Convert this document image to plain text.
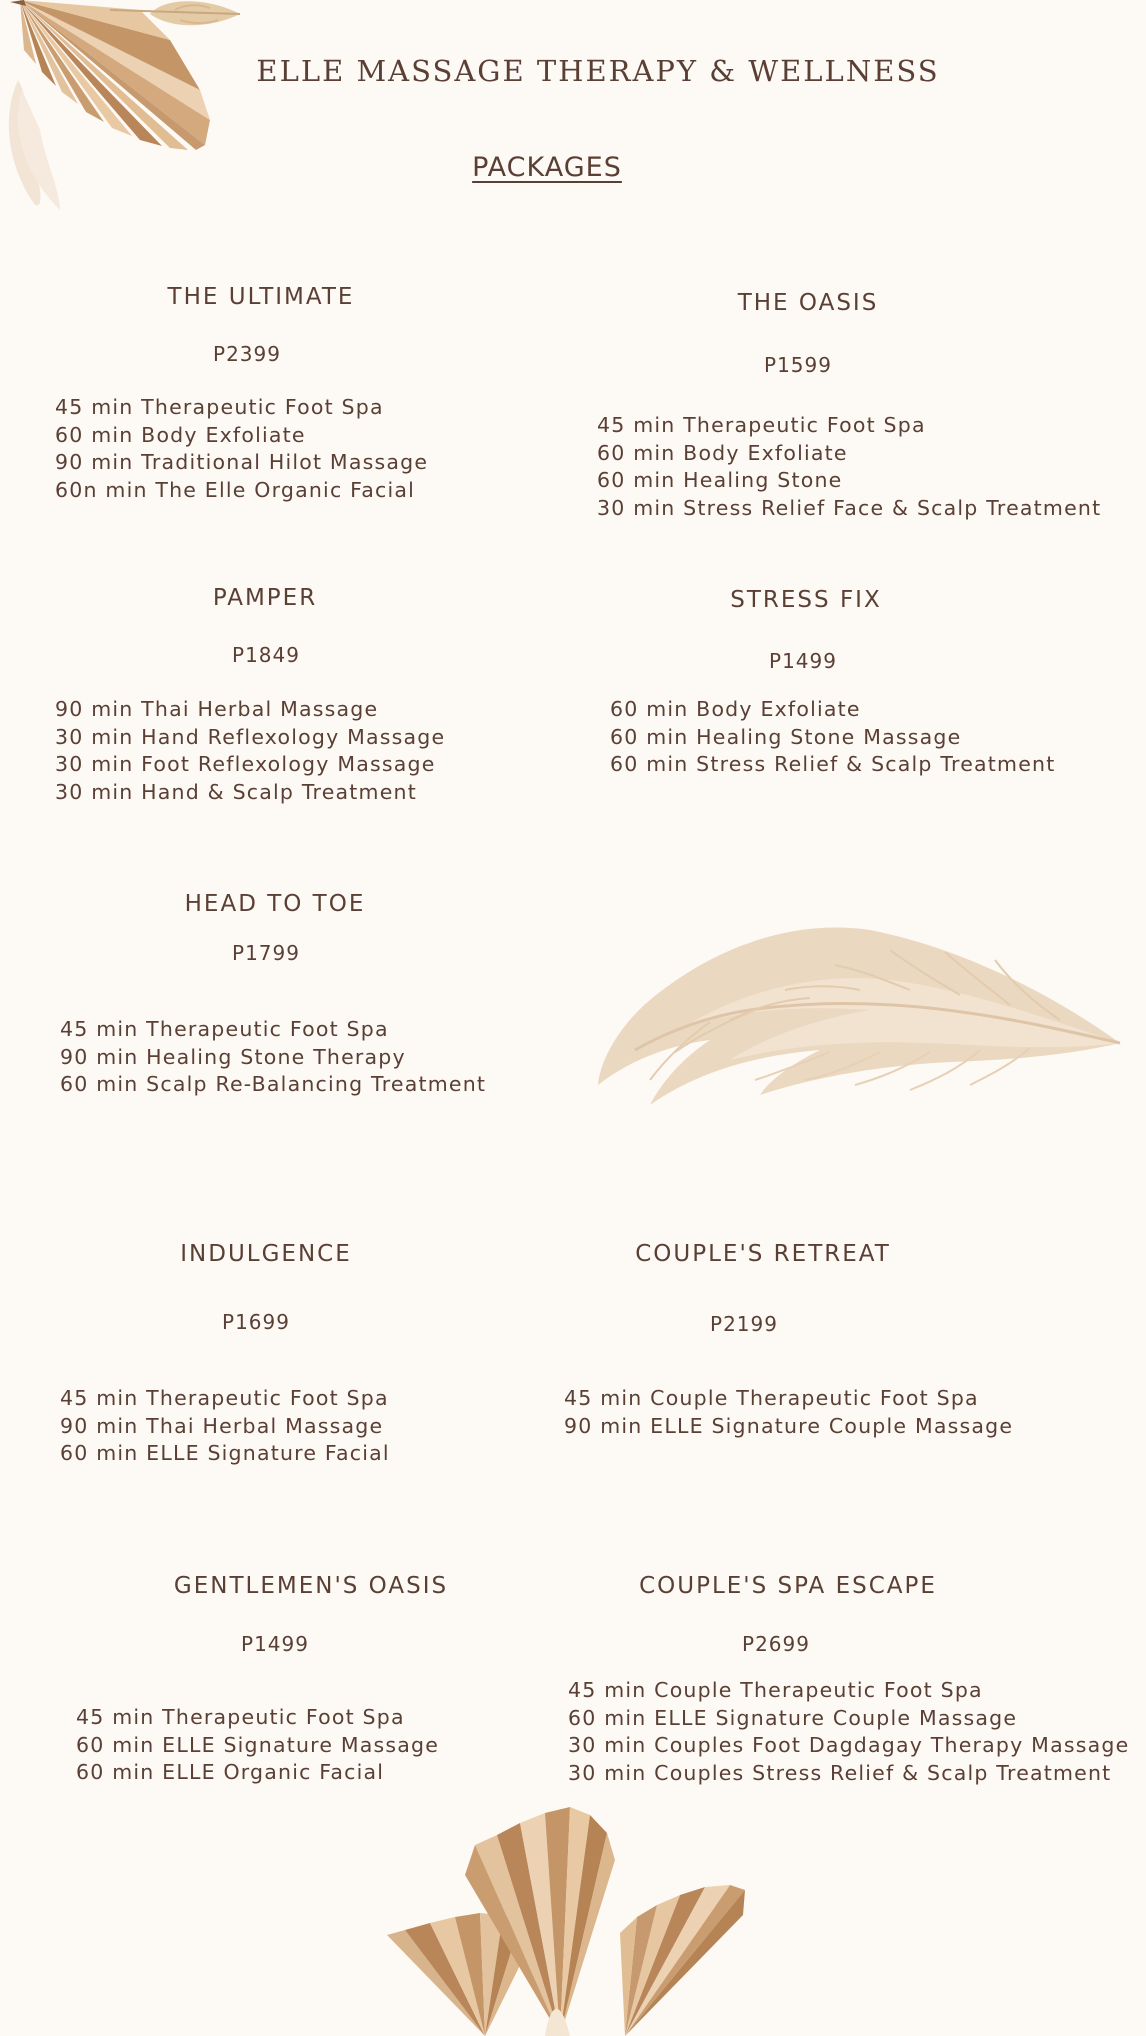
ELLE MASSAGE THERAPY & WELLNESS
PACKAGES
THE ULTIMATE
P2399
45 min Therapeutic Foot Spa
60 min Body Exfoliate
90 min Traditional Hilot Massage
60n min The Elle Organic Facial
THE OASIS
P1599
45 min Therapeutic Foot Spa
60 min Body Exfoliate
60 min Healing Stone
30 min Stress Relief Face & Scalp Treatment
PAMPER
P1849
90 min Thai Herbal Massage
30 min Hand Reflexology Massage
30 min Foot Reflexology Massage
30 min Hand & Scalp Treatment
STRESS FIX
P1499
60 min Body Exfoliate
60 min Healing Stone Massage
60 min Stress Relief & Scalp Treatment
HEAD TO TOE
P1799
45 min Therapeutic Foot Spa
90 min Healing Stone Therapy
60 min Scalp Re-Balancing Treatment
INDULGENCE
P1699
45 min Therapeutic Foot Spa
90 min Thai Herbal Massage
60 min ELLE Signature Facial
COUPLE'S RETREAT
P2199
45 min Couple Therapeutic Foot Spa
90 min ELLE Signature Couple Massage
GENTLEMEN'S OASIS
P1499
45 min Therapeutic Foot Spa
60 min ELLE Signature Massage
60 min ELLE Organic Facial
COUPLE'S SPA ESCAPE
P2699
45 min Couple Therapeutic Foot Spa
60 min ELLE Signature Couple Massage
30 min Couples Foot Dagdagay Therapy Massage
30 min Couples Stress Relief & Scalp Treatment
